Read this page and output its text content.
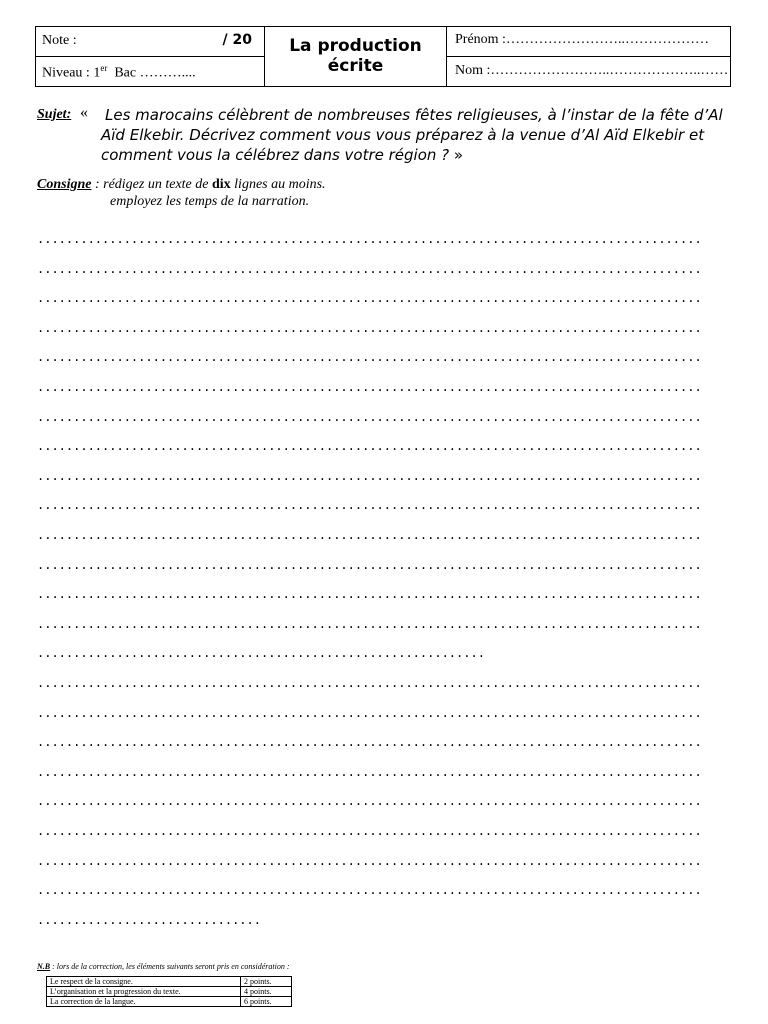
Note :	/ 20
Niveau : 1er  Bac ………....
La production
écrite
Prénom :……………………..………………
Nom :……………………..………………..……
Sujet: « Les marocains célèbrent de nombreuses fêtes religieuses, à l’instar de la fête d’Al Aïd Elkebir. Décrivez comment vous vous préparez à la venue d’Al Aïd Elkebir et comment vous la célébrez dans votre région ? »
Consigne : rédigez un texte de dix lignes au moins.
employez les temps de la narration.
............................................................................................
............................................................................................
............................................................................................
............................................................................................
............................................................................................
............................................................................................
............................................................................................
............................................................................................
............................................................................................
............................................................................................
............................................................................................
............................................................................................
............................................................................................
............................................................................................
..............................................................
............................................................................................
............................................................................................
............................................................................................
............................................................................................
............................................................................................
............................................................................................
............................................................................................
............................................................................................
...............................
N.B : lors de la correction, les éléments suivants seront pris en considération :
Le respect de la consigne.	2 points.
L’organisation et la progression du texte.	4 points.
La correction de la langue.	6 points.
